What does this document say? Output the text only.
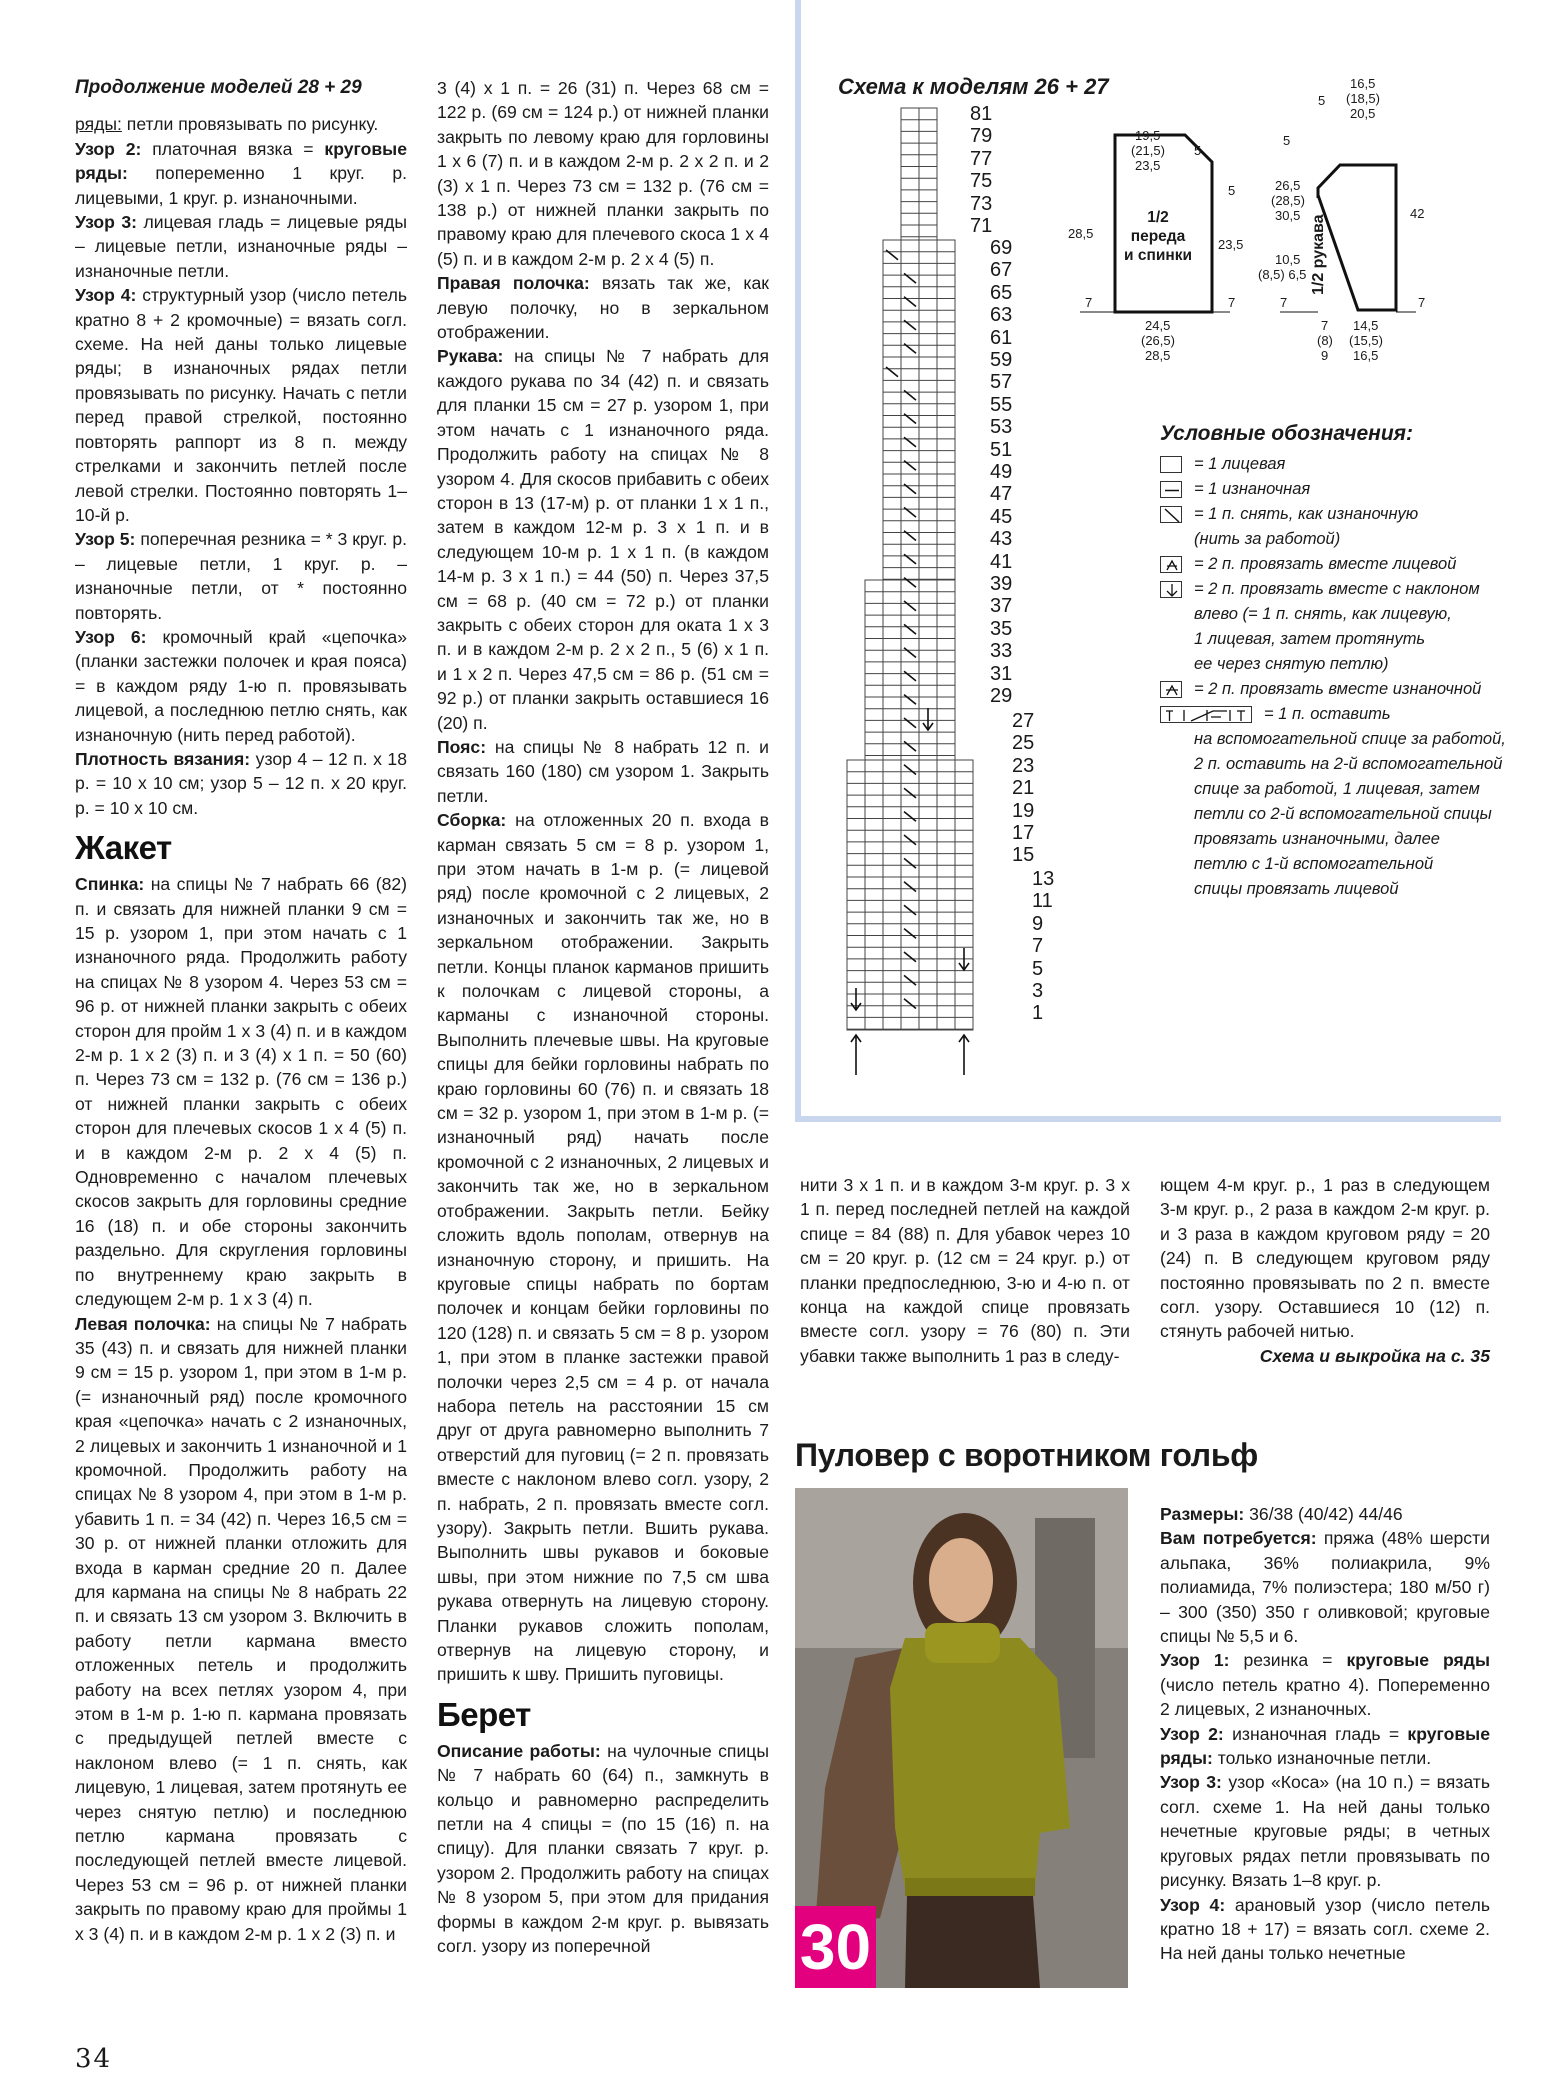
Продолжение моделей 28 + 29

ряды: петли провязывать по рисунку.

Узор 2: платочная вязка = круговые ряды: попеременно 1 круг. р. лицевыми, 1 круг. р. изнаночными.

Узор 3: лицевая гладь = лицевые ряды – лицевые петли, изнаночные ряды – изнаночные петли.

Узор 4: структурный узор (число петель кратно 8 + 2 кромочные) = вязать согл. схеме. На ней даны только лицевые ряды; в изнаночных рядах петли провязывать по рисунку. Начать с петли перед правой стрелкой, постоянно повторять раппорт из 8 п. между стрелками и закончить петлей после левой стрелки. Постоянно повторять 1–10-й р.

Узор 5: поперечная резника = * 3 круг. р. – лицевые петли, 1 круг. р. – изнаночные петли, от * постоянно повторять.

Узор 6: кромочный край «цепочка» (планки застежки полочек и края пояса) = в каждом ряду 1-ю п. провязывать лицевой, а последнюю петлю снять, как изнаночную (нить перед работой).

Плотность вязания: узор 4 – 12 п. х 18 р. = 10 х 10 см; узор 5 – 12 п. х 20 круг. р. = 10 х 10 см.

Жакет

Спинка: на спицы № 7 набрать 66 (82) п. и связать для нижней планки 9 см = 15 р. узором 1, при этом начать с 1 изнаночного ряда. Продолжить работу на спицах № 8 узором 4. Через 53 см = 96 р. от нижней планки закрыть с обеих сторон для пройм 1 х 3 (4) п. и в каждом 2-м р. 1 х 2 (3) п. и 3 (4) х 1 п. = 50 (60) п. Через 73 см = 132 р. (76 см = 136 р.) от нижней планки закрыть с обеих сторон для плечевых скосов 1 х 4 (5) п. и в каждом 2-м р. 2 х 4 (5) п. Одновременно с началом плечевых скосов закрыть для горловины средние 16 (18) п. и обе стороны закончить раздельно. Для скругления горловины по внутреннему краю закрыть в следующем 2-м р. 1 х 3 (4) п.

Левая полочка: на спицы № 7 набрать 35 (43) п. и связать для нижней планки 9 см = 15 р. узором 1, при этом в 1-м р. (= изнаночный ряд) после кромочного края «цепочка» начать с 2 изнаночных, 2 лицевых и закончить 1 изнаночной и 1 кромочной. Продолжить работу на спицах № 8 узором 4, при этом в 1-м р. убавить 1 п. = 34 (42) п. Через 16,5 см = 30 р. от нижней планки отложить для входа в карман средние 20 п. Далее для кармана на спицы № 8 набрать 22 п. и связать 13 см узором 3. Включить в работу петли кармана вместо отложенных петель и продолжить работу на всех петлях узором 4, при этом в 1-м р. 1-ю п. кармана провязать с предыдущей петлей вместе с наклоном влево (= 1 п. снять, как лицевую, 1 лицевая, затем протянуть ее через снятую петлю) и последнюю петлю кармана провязать с последующей петлей вместе лицевой. Через 53 см = 96 р. от нижней планки закрыть по правому краю для проймы 1 х 3 (4) п. и в каждом 2-м р. 1 х 2 (3) п. и

3 (4) х 1 п. = 26 (31) п. Через 68 см = 122 р. (69 см = 124 р.) от нижней планки закрыть по левому краю для горловины 1 х 6 (7) п. и в каждом 2-м р. 2 х 2 п. и 2 (3) х 1 п. Через 73 см = 132 р. (76 см = 138 р.) от нижней планки закрыть по правому краю для плечевого скоса 1 х 4 (5) п. и в каждом 2-м р. 2 х 4 (5) п.

Правая полочка: вязать так же, как левую полочку, но в зеркальном отображении.

Рукава: на спицы № 7 набрать для каждого рукава по 34 (42) п. и связать для планки 15 см = 27 р. узором 1, при этом начать с 1 изнаночного ряда. Продолжить работу на спицах № 8 узором 4. Для скосов прибавить с обеих сторон в 13 (17-м) р. от планки 1 х 1 п., затем в каждом 12-м р. 3 х 1 п. и в следующем 10-м р. 1 х 1 п. (в каждом 14-м р. 3 х 1 п.) = 44 (50) п. Через 37,5 см = 68 р. (40 см = 72 р.) от планки закрыть с обеих сторон для оката 1 х 3 п. и в каждом 2-м р. 2 х 2 п., 5 (6) х 1 п. и 1 х 2 п. Через 47,5 см = 86 р. (51 см = 92 р.) от планки закрыть оставшиеся 16 (20) п.

Пояс: на спицы № 8 набрать 12 п. и связать 160 (180) см узором 1. Закрыть петли.

Сборка: на отложенных 20 п. входа в карман связать 5 см = 8 р. узором 1, при этом начать в 1-м р. (= лицевой ряд) после кромочной с 2 лицевых, 2 изнаночных и закончить так же, но в зеркальном отображении. Закрыть петли. Концы планок карманов пришить к полочкам с лицевой стороны, а карманы с изнаночной стороны. Выполнить плечевые швы. На круговые спицы для бейки горловины набрать по краю горловины 60 (76) п. и связать 18 см = 32 р. узором 1, при этом в 1-м р. (= изнаночный ряд) начать после кромочной с 2 изнаночных, 2 лицевых и закончить так же, но в зеркальном отображении. Закрыть петли. Бейку сложить вдоль пополам, отвернув на изнаночную сторону, и пришить. На круговые спицы набрать по бортам полочек и концам бейки горловины по 120 (128) п. и связать 5 см = 8 р. узором 1, при этом в планке застежки правой полочки через 2,5 см = 4 р. от начала набора петель на расстоянии 15 см друг от друга равномерно выполнить 7 отверстий для пуговиц (= 2 п. провязать вместе с наклоном влево согл. узору, 2 п. набрать, 2 п. провязать вместе согл. узору). Закрыть петли. Вшить рукава. Выполнить швы рукавов и боковые швы, при этом нижние по 7,5 см шва рукава отвернуть на лицевую сторону. Планки рукавов сложить пополам, отвернув на лицевую сторону, и пришить к шву. Пришить пуговицы.

Берет

Описание работы: на чулочные спицы № 7 набрать 60 (64) п., замкнуть в кольцо и равномерно распределить петли на 4 спицы = (по 15 (16) п. на спицу). Для планки связать 7 круг. р. узором 2. Продолжить работу на спицах № 8 узором 5, при этом для придания формы в каждом 2-м круг. р. вывязать согл. узору из поперечной

Схема к моделям 26 + 27
81
79
77
75
73
71
69
67
65
63
61
59
57
55
53
51
49
47
45
43
41
39
37
35
33
31
29
27
25
23
21
19
17
15
13
11
9
7
5
3
1
1/2
переда
и спинки	1/2 рукава
19,5
(21,5)
23,5
5
28,5
23,5
5
7	7
24,5
(26,5)
28,5
16,5
(18,5)
20,5
5
5
26,5
(28,5)
30,5	42
10,5
(8,5) 6,5
7	7
7
(8)
9
14,5
(15,5)
16,5
Условные обозначения:
= 1 лицевая
= 1 изнаночная
= 1 п. снять, как изнаночную
(нить за работой)
= 2 п. провязать вместе лицевой
= 2 п. провязать вместе с наклоном
влево (= 1 п. снять, как лицевую,
1 лицевая, затем протянуть
ее через снятую петлю)
= 2 п. провязать вместе изнаночной
= 1 п. оставить
на вспомогательной спице за работой,
2 п. оставить на 2-й вспомогательной
спице за работой, 1 лицевая, затем
петли со 2-й вспомогательной спицы
провязать изнаночными, далее
петлю с 1-й вспомогательной
спицы провязать лицевой

нити 3 х 1 п. и в каждом 3-м круг. р. 3 х 1 п. перед последней петлей на каждой спице = 84 (88) п. Для убавок через 10 см = 20 круг. р. (12 см = 24 круг. р.) от планки предпоследнюю, 3-ю и 4-ю п. от конца на каждой спице провязать вместе согл. узору = 76 (80) п. Эти убавки также выполнить 1 раз в следу-

ющем 4-м круг. р., 1 раз в следующем 3-м круг. р., 2 раза в каждом 2-м круг. р. и 3 раза в каждом круговом ряду = 20 (24) п. В следующем круговом ряду постоянно провязывать по 2 п. вместе согл. узору. Оставшиеся 10 (12) п. стянуть рабочей нитью.

Схема и выкройка на с. 35

Пуловер с воротником гольф
30

Размеры: 36/38 (40/42) 44/46

Вам потребуется: пряжа (48% шерсти альпака, 36% полиакрила, 9% полиамида, 7% полиэстера; 180 м/50 г) – 300 (350) 350 г оливковой; круговые спицы № 5,5 и 6.

Узор 1: резинка = круговые ряды (число петель кратно 4). Попеременно 2 лицевых, 2 изнаночных.

Узор 2: изнаночная гладь = круговые ряды: только изнаночные петли.

Узор 3: узор «Коса» (на 10 п.) = вязать согл. схеме 1. На ней даны только нечетные круговые ряды; в четных круговых рядах петли провязывать по рисунку. Вязать 1–8 круг. р.

Узор 4: арановый узор (число петель кратно 18 + 17) = вязать согл. схеме 2. На ней даны только нечетные

34
